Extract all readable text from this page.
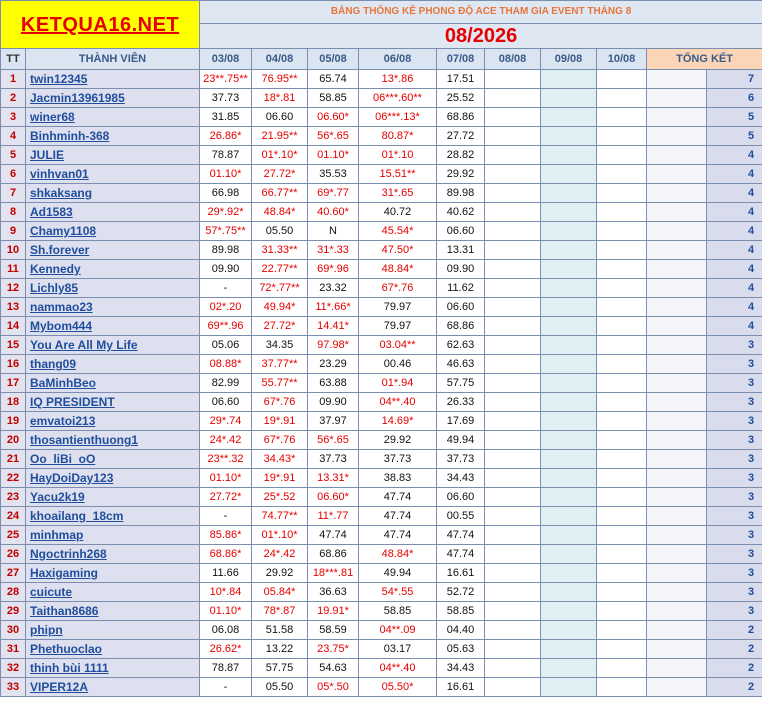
KETQUA16.NET		BẢNG THỐNG KÊ PHONG ĐỘ ACE THAM GIA EVENT THÁNG 8									
		08/2026									
TT	THÀNH VIÊN	03/08	04/08	05/08	06/08	07/08	08/08	09/08	10/08	TỔNG KẾT	
1	twin12345	23**.75**	76.95**	65.74	13*.86	17.51					7
2	Jacmin13961985	37.73	18*.81	58.85	06***.60**	25.52					6
3	winer68	31.85	06.60	06.60*	06***.13*	68.86					5
4	Binhminh-368	26.86*	21.95**	56*.65	80.87*	27.72					5
5	JULIE	78.87	01*.10*	01.10*	01*.10	28.82					4
6	vinhvan01	01.10*	27.72*	35.53	15.51**	29.92					4
7	shkaksang	66.98	66.77**	69*.77	31*.65	89.98					4
8	Ad1583	29*.92*	48.84*	40.60*	40.72	40.62					4
9	Chamy1108	57*.75**	05.50	N	45.54*	06.60					4
10	Sh.forever	89.98	31.33**	31*.33	47.50*	13.31					4
11	Kennedy	09.90	22.77**	69*.96	48.84*	09.90					4
12	Lichly85	-	72*.77**	23.32	67*.76	11.62					4
13	nammao23	02*.20	49.94*	11*.66*	79.97	06.60					4
14	Mybom444	69**.96	27.72*	14.41*	79.97	68.86					4
15	You Are All My Life	05.06	34.35	97.98*	03.04**	62.63					3
16	thang09	08.88*	37.77**	23.29	00.46	46.63					3
17	BaMinhBeo	82.99	55.77**	63.88	01*.94	57.75					3
18	IQ PRESIDENT	06.60	67*.76	09.90	04**.40	26.33					3
19	emvatoi213	29*.74	19*.91	37.97	14.69*	17.69					3
20	thosantienthuong1	24*.42	67*.76	56*.65	29.92	49.94					3
21	Oo_liBi_oO	23**.32	34.43*	37.73	37.73	37.73					3
22	HayDoiDay123	01.10*	19*.91	13.31*	38.83	34.43					3
23	Yacu2k19	27.72*	25*.52	06.60*	47.74	06.60					3
24	khoailang_18cm	-	74.77**	11*.77	47.74	00.55					3
25	minhmap	85.86*	01*.10*	47.74	47.74	47.74					3
26	Ngoctrinh268	68.86*	24*.42	68.86	48.84*	47.74					3
27	Haxigaming	11.66	29.92	18***.81	49.94	16.61					3
28	cuicute	10*.84	05.84*	36.63	54*.55	52.72					3
29	Taithan8686	01.10*	78*.87	19.91*	58.85	58.85					3
30	phipn	06.08	51.58	58.59	04**.09	04.40					2
31	Phethuoclao	26.62*	13.22	23.75*	03.17	05.63					2
32	thinh bùi 1111	78.87	57.75	54.63	04**.40	34.43					2
33	VIPER12A	-	05.50	05*.50	05.50*	16.61					2
